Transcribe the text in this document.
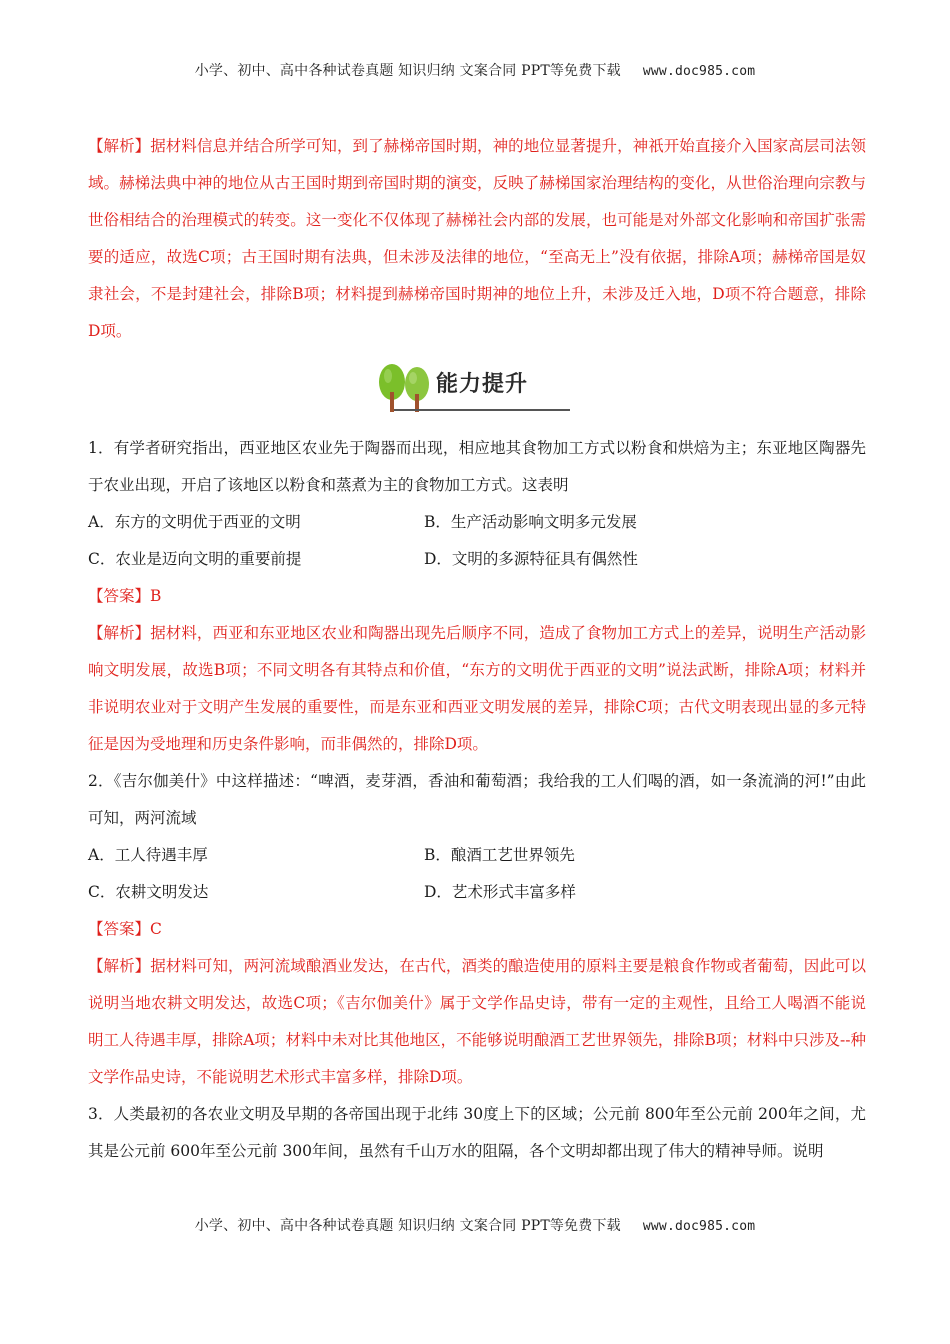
小学、初中、高中各种试卷真题 知识归纳 文案合同 PPT等免费下载 www.doc985.com

【解析】据材料信息并结合所学可知，到了赫梯帝国时期，神的地位显著提升，神祇开始直接介入国家高层司法领域。赫梯法典中神的地位从古王国时期到帝国时期的演变，反映了赫梯国家治理结构的变化，从世俗治理向宗教与世俗相结合的治理模式的转变。这一变化不仅体现了赫梯社会内部的发展，也可能是对外部文化影响和帝国扩张需要的适应，故选C项；古王国时期有法典，但未涉及法律的地位，“至高无上”没有依据，排除A项；赫梯帝国是奴隶社会，不是封建社会，排除B项；材料提到赫梯帝国时期神的地位上升，未涉及迁入地，D项不符合题意，排除D项。

能力提升

1．有学者研究指出，西亚地区农业先于陶器而出现，相应地其食物加工方式以粉食和烘焙为主；东亚地区陶器先于农业出现，开启了该地区以粉食和蒸煮为主的食物加工方式。这表明

A．东方的文明优于西亚的文明	B．生产活动影响文明多元发展
C．农业是迈向文明的重要前提	D．文明的多源特征具有偶然性

【答案】B

【解析】据材料，西亚和东亚地区农业和陶器出现先后顺序不同，造成了食物加工方式上的差异，说明生产活动影响文明发展，故选B项；不同文明各有其特点和价值，“东方的文明优于西亚的文明”说法武断，排除A项；材料并非说明农业对于文明产生发展的重要性，而是东亚和西亚文明发展的差异，排除C项；古代文明表现出显的多元特征是因为受地理和历史条件影响，而非偶然的，排除D项。

2．《吉尔伽美什》中这样描述：“啤酒，麦芽酒，香油和葡萄酒；我给我的工人们喝的酒，如一条流淌的河!”由此可知，两河流域

A．工人待遇丰厚	B．酿酒工艺世界领先
C．农耕文明发达	D．艺术形式丰富多样

【答案】C

【解析】据材料可知，两河流域酿酒业发达，在古代，酒类的酿造使用的原料主要是粮食作物或者葡萄，因此可以说明当地农耕文明发达，故选C项；《吉尔伽美什》属于文学作品史诗，带有一定的主观性，且给工人喝酒不能说明工人待遇丰厚，排除A项；材料中未对比其他地区，不能够说明酿酒工艺世界领先，排除B项；材料中只涉及--种文学作品史诗，不能说明艺术形式丰富多样，排除D项。

3．人类最初的各农业文明及早期的各帝国出现于北纬 30度上下的区域；公元前 800年至公元前 200年之间，尤其是公元前 600年至公元前 300年间，虽然有千山万水的阻隔，各个文明却都出现了伟大的精神导师。说明

小学、初中、高中各种试卷真题 知识归纳 文案合同 PPT等免费下载 www.doc985.com
